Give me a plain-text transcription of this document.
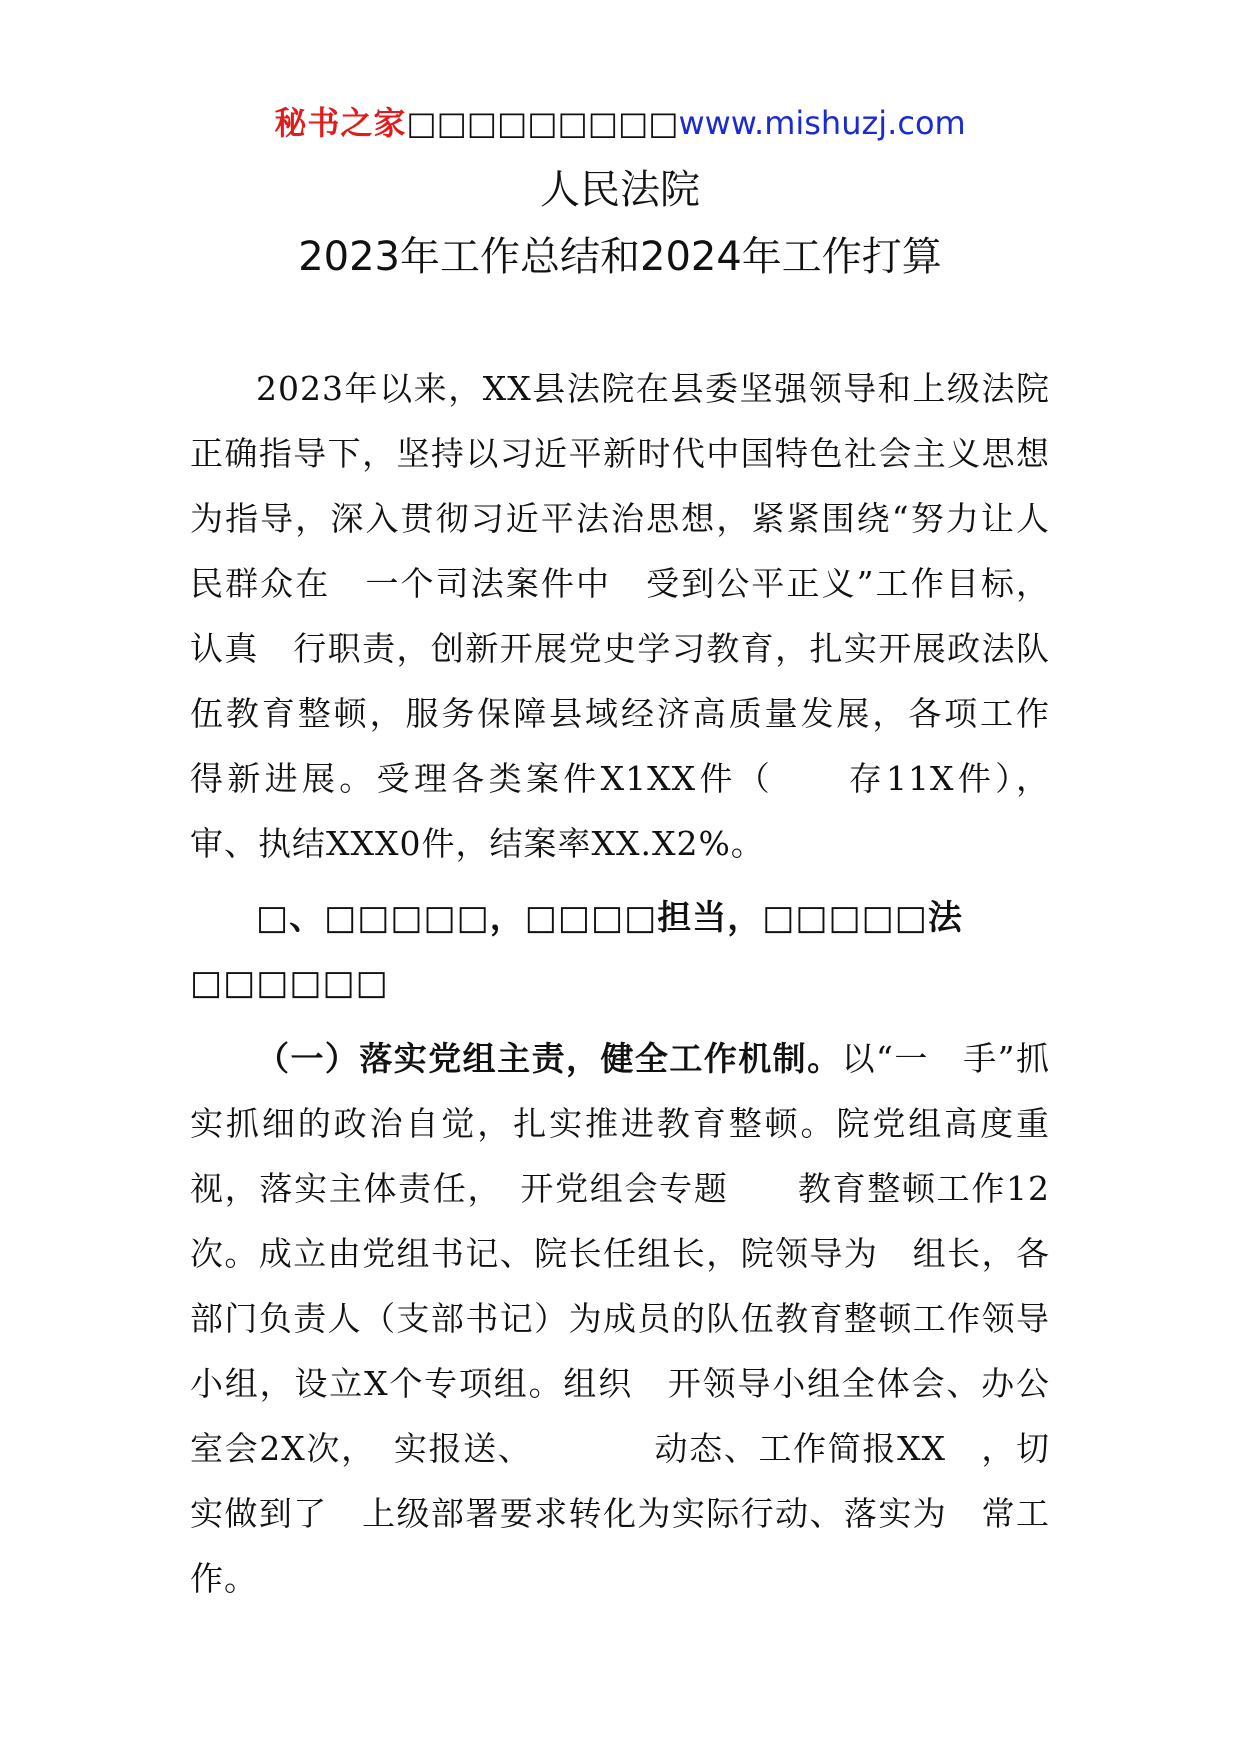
秘书之家□□□□□□□□□www.mishuzj.com
人民法院
2023年工作总结和2024年工作打算

2023年以来，XX县法院在县委坚强领导和上级法院正确指导下，坚持以习近平新时代中国特色社会主义思想为指导，深入贯彻习近平法治思想，紧紧围绕“努力让人民群众在　一个司法案件中　受到公平正义”工作目标，认真　行职责，创新开展党史学习教育，扎实开展政法队伍教育整顿，服务保障县域经济高质量发展，各项工作　得新进展。受理各类案件X1XX件（　　存11X件），审、执结XXX0件，结案率XX.X2%。

□、□□□□□，□□□□担当，□□□□□法□□□□□□

（一）落实党组主责，健全工作机制。以“一　手”抓实抓细的政治自觉，扎实推进教育整顿。院党组高度重视，落实主体责任，　开党组会专题　　教育整顿工作12次。成立由党组书记、院长任组长，院领导为　组长，各部门负责人（支部书记）为成员的队伍教育整顿工作领导小组，设立X个专项组。组织　开领导小组全体会、办公室会2X次，　实报送、　　　　动态、工作简报XX　，切实做到了　上级部署要求转化为实际行动、落实为　常工作。
